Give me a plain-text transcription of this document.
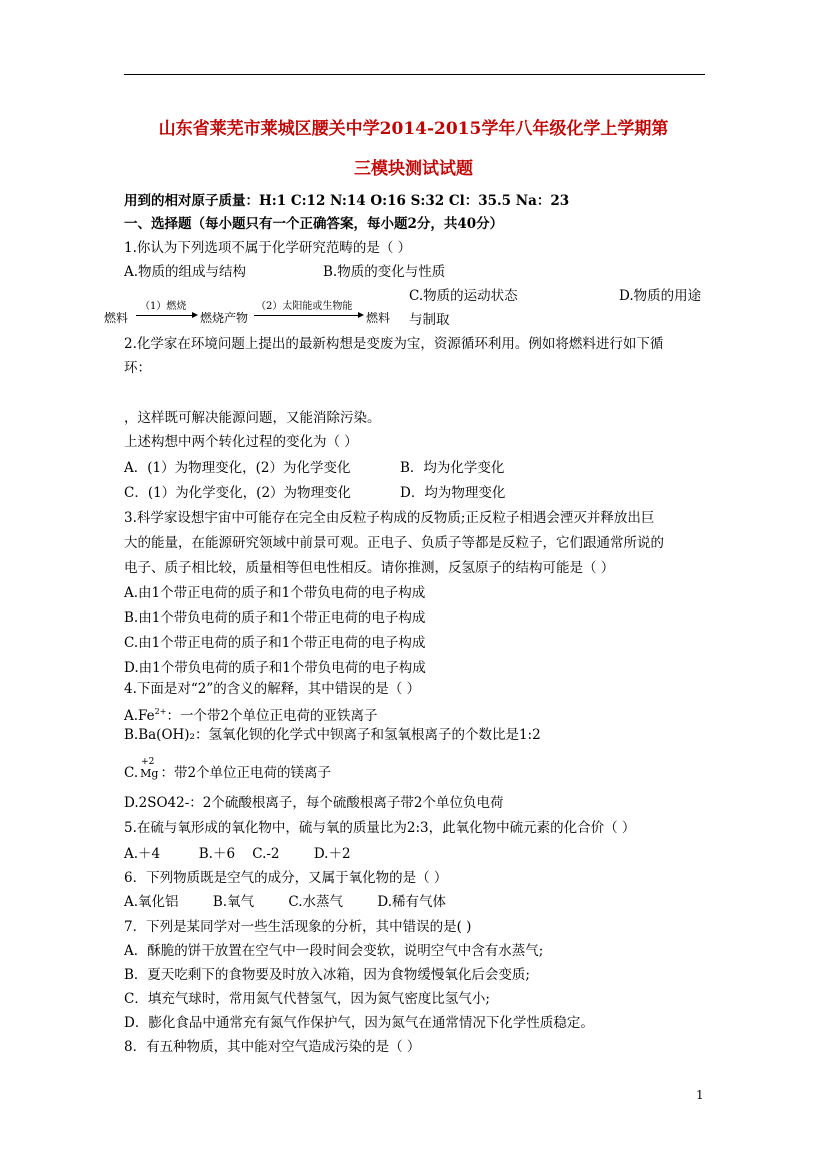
山东省莱芜市莱城区腰关中学2014-2015学年八年级化学上学期第
三模块测试试题
用到的相对原子质量：H:1 C:12 N:14 O:16 S:32 Cl：35.5 Na：23
一、选择题（每小题只有一个正确答案，每小题2分，共40分）
1.你认为下列选项不属于化学研究范畴的是（ ）
A.物质的组成与结构	B.物质的变化与性质
C.物质的运动状态	D.物质的用途
与制取
燃料
（1）燃烧
燃烧产物
（2）太阳能或生物能
燃料
2.化学家在环境问题上提出的最新构想是变废为宝，资源循环利用。例如将燃料进行如下循
环：
，这样既可解决能源问题，又能消除污染。
上述构想中两个转化过程的变化为（ ）
A．(1）为物理变化，(2）为化学变化	B．均为化学变化
C．(1）为化学变化，(2）为物理变化	D．均为物理变化
3.科学家设想宇宙中可能存在完全由反粒子构成的反物质;正反粒子相遇会湮灭并释放出巨
大的能量，在能源研究领域中前景可观。正电子、负质子等都是反粒子，它们跟通常所说的
电子、质子相比较，质量相等但电性相反。请你推测，反氢原子的结构可能是（ ）
A.由1个带正电荷的质子和1个带负电荷的电子构成
B.由1个带负电荷的质子和1个带正电荷的电子构成
C.由1个带正电荷的质子和1个带正电荷的电子构成
D.由1个带负电荷的质子和1个带负电荷的电子构成
4.下面是对“2”的含义的解释，其中错误的是（ ）
$A.Fe^{2+}$：一个带2个单位正电荷的亚铁离子
B.Ba(OH)₂：氢氧化钡的化学式中钡离子和氢氧根离子的个数比是1:2
C.
+2
Mg ：带2个单位正电荷的镁离子
D.2SO42-：2个硫酸根离子，每个硫酸根离子带2个单位负电荷
5.在硫与氧形成的氧化物中，硫与氧的质量比为2:3，此氧化物中硫元素的化合价（ ）
A.＋4         B.＋6    C.-2        D.＋2
6．下列物质既是空气的成分，又属于氧化物的是（ ）
A.氧化铝        B.氧气        C.水蒸气        D.稀有气体
7．下列是某同学对一些生活现象的分析，其中错误的是( )
A．酥脆的饼干放置在空气中一段时间会变软，说明空气中含有水蒸气;
B．夏天吃剩下的食物要及时放入冰箱，因为食物缓慢氧化后会变质;
C．填充气球时，常用氮气代替氢气，因为氮气密度比氢气小;
D．膨化食品中通常充有氮气作保护气，因为氮气在通常情况下化学性质稳定。
8．有五种物质，其中能对空气造成污染的是（ ）
1
